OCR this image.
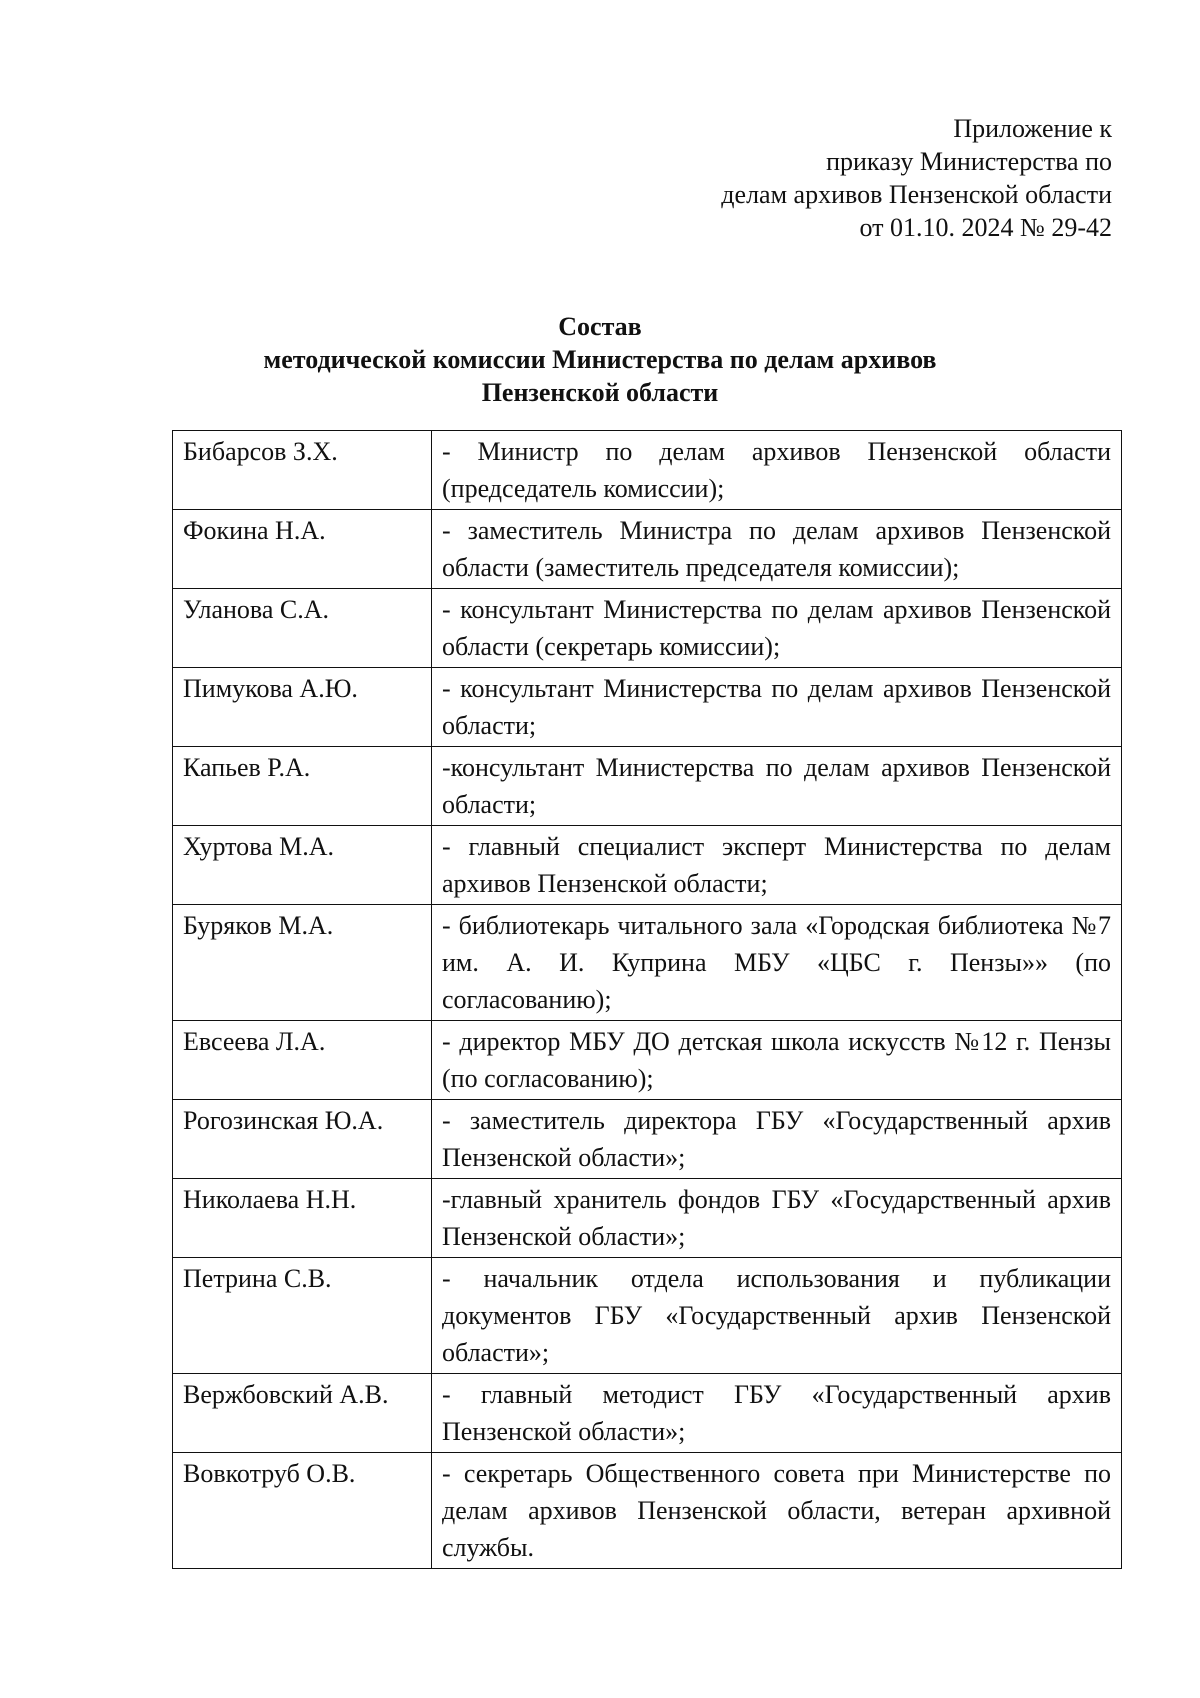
Приложение к
приказу Министерства по
делам архивов Пензенской области
от 01.10. 2024 № 29-42
Состав
методической комиссии Министерства по делам архивов
Пензенской области
Бибарсов З.Х.	- Министр по делам архивов Пензенской области (председатель комиссии);
Фокина Н.А.	- заместитель Министра по делам архивов Пензенской области (заместитель председателя комиссии);
Уланова С.А.	- консультант Министерства по делам архивов Пензенской области (секретарь комиссии);
Пимукова А.Ю.	- консультант Министерства по делам архивов Пензенской области;
Капьев Р.А.	-консультант Министерства по делам архивов Пензенской области;
Хуртова М.А.	- главный специалист эксперт Министерства по делам архивов Пензенской области;
Буряков М.А.	- библиотекарь читального зала «Городская библиотека №7 им. А. И. Куприна МБУ «ЦБС г. Пензы»» (по согласованию);
Евсеева Л.А.	- директор МБУ ДО детская школа искусств №12 г. Пензы (по согласованию);
Рогозинская Ю.А.	- заместитель директора ГБУ «Государственный архив Пензенской области»;
Николаева Н.Н.	-главный хранитель фондов ГБУ «Государственный архив Пензенской области»;
Петрина С.В.	- начальник отдела использования и публикации документов ГБУ «Государственный архив Пензенской области»;
Вержбовский А.В.	- главный методист ГБУ «Государственный архив Пензенской области»;
Вовкотруб О.В.	- секретарь Общественного совета при Министерстве по делам архивов Пензенской области, ветеран архивной службы.
